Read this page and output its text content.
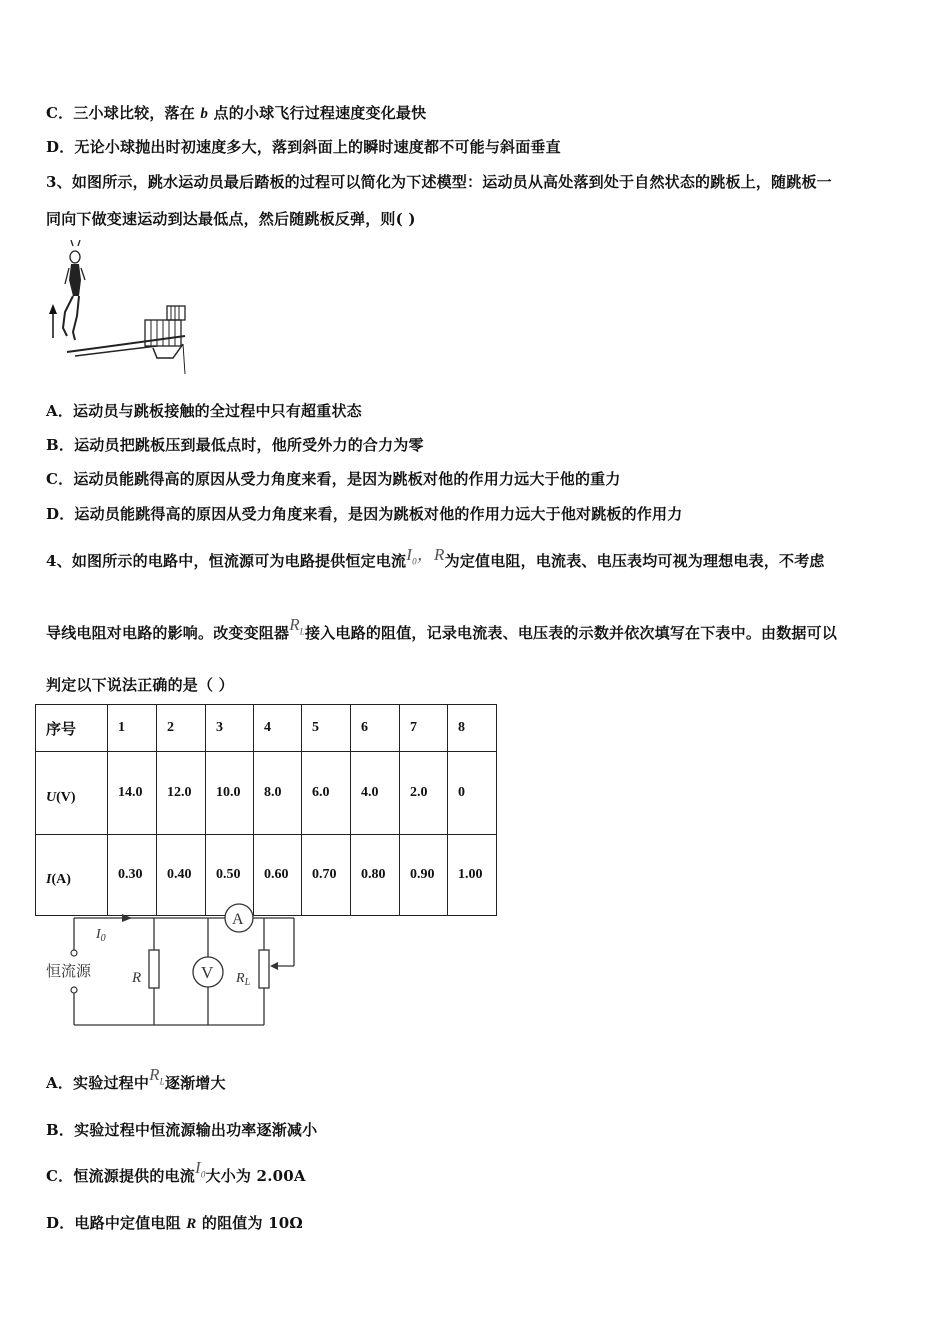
C．三小球比较，落在 b 点的小球飞行过程速度变化最快
D．无论小球抛出时初速度多大，落到斜面上的瞬时速度都不可能与斜面垂直
3、如图所示，跳水运动员最后踏板的过程可以简化为下述模型：运动员从高处落到处于自然状态的跳板上，随跳板一
同向下做变速运动到达最低点，然后随跳板反弹，则( )
A．运动员与跳板接触的全过程中只有超重状态
B．运动员把跳板压到最低点时，他所受外力的合力为零
C．运动员能跳得高的原因从受力角度来看，是因为跳板对他的作用力远大于他的重力
D．运动员能跳得高的原因从受力角度来看，是因为跳板对他的作用力远大于他对跳板的作用力
4、如图所示的电路中，恒流源可为电路提供恒定电流$I_0$，R为定值电阻，电流表、电压表均可视为理想电表，不考虑
导线电阻对电路的影响。改变变阻器$R_L$接入电路的阻值，记录电流表、电压表的示数并依次填写在下表中。由数据可以
判定以下说法正确的是（ ）
序号	1	2	3	4	5	6	7	8
U(V)	14.0	12.0	10.0	8.0	6.0	4.0	2.0	0
I(A)	0.30	0.40	0.50	0.60	0.70	0.80	0.90	1.00
恒流源
$I_0$
R	V
A
$R_L$
A．实验过程中$R_L$逐渐增大
B．实验过程中恒流源输出功率逐渐减小
C．恒流源提供的电流$I_0$大小为 2.00A
D．电路中定值电阻 R 的阻值为 10Ω
